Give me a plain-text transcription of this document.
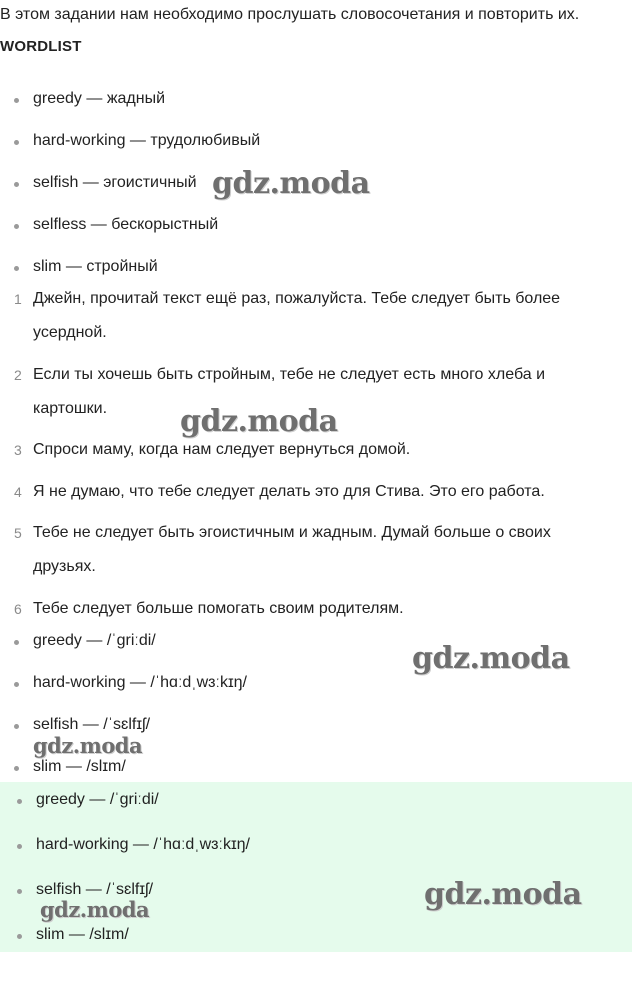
В этом задании нам необходимо прослушать словосочетания и повторить их.
WORDLIST
greedy — жадный
hard-working — трудолюбивый
selfish — эгоистичный
selfless — бескорыстный
slim — стройный
1 Джейн, прочитай текст ещё раз, пожалуйста. Тебе следует быть более усердной.
2 Если ты хочешь быть стройным, тебе не следует есть много хлеба и картошки.
3 Спроси маму, когда нам следует вернуться домой.
4 Я не думаю, что тебе следует делать это для Стива. Это его работа.
5 Тебе не следует быть эгоистичным и жадным. Думай больше о своих друзьях.
6 Тебе следует больше помогать своим родителям.
greedy — /ˈɡriːdi/
hard-working — /ˈhɑːdˌwɜːkɪŋ/
selfish — /ˈsɛlfɪʃ/
slim — /slɪm/
greedy — /ˈɡriːdi/
hard-working — /ˈhɑːdˌwɜːkɪŋ/
selfish — /ˈsɛlfɪʃ/
slim — /slɪm/
gdz.moda
gdz.moda
gdz.moda
gdz.moda
gdz.moda
gdz.moda
